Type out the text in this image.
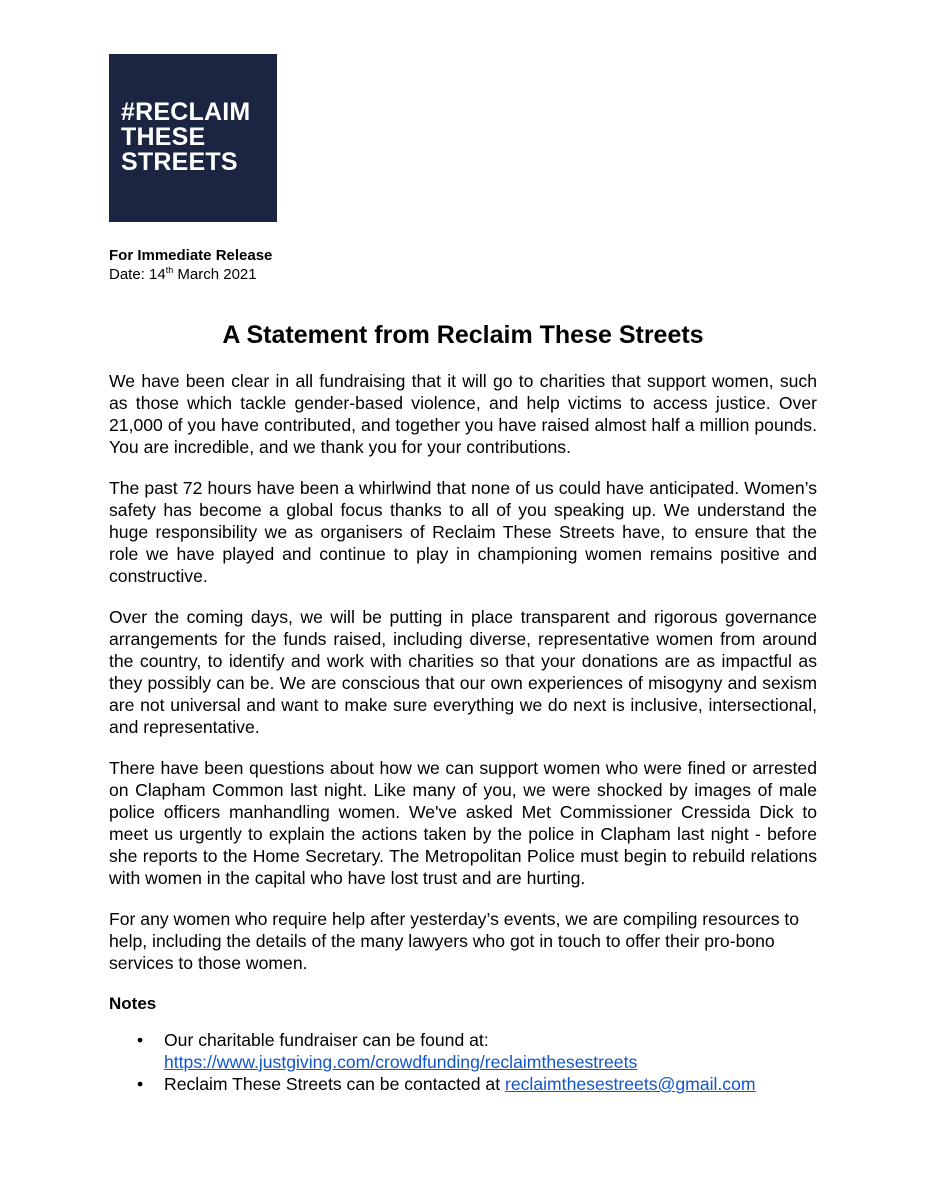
#RECLAIM
THESE
STREETS
For Immediate Release
Date: 14th March 2021
A Statement from Reclaim These Streets

We have been clear in all fundraising that it will go to charities that support women, such as those which tackle gender-based violence, and help victims to access justice. Over 21,000 of you have contributed, and together you have raised almost half a million pounds. You are incredible, and we thank you for your contributions.

The past 72 hours have been a whirlwind that none of us could have anticipated. Women’s safety has become a global focus thanks to all of you speaking up. We understand the huge responsibility we as organisers of Reclaim These Streets have, to ensure that the role we have played and continue to play in championing women remains positive and constructive.

Over the coming days, we will be putting in place transparent and rigorous governance arrangements for the funds raised, including diverse, representative women from around the country, to identify and work with charities so that your donations are as impactful as they possibly can be. We are conscious that our own experiences of misogyny and sexism are not universal and want to make sure everything we do next is inclusive, intersectional, and representative.

There have been questions about how we can support women who were fined or arrested on Clapham Common last night. Like many of you, we were shocked by images of male police officers manhandling women. We've asked Met Commissioner Cressida Dick to meet us urgently to explain the actions taken by the police in Clapham last night - before she reports to the Home Secretary. The Metropolitan Police must begin to rebuild relations with women in the capital who have lost trust and are hurting.

For any women who require help after yesterday’s events, we are compiling resources to help, including the details of the many lawyers who got in touch to offer their pro-bono services to those women.

Notes
• Our charitable fundraiser can be found at:
https://www.justgiving.com/crowdfunding/reclaimthesestreets
• Reclaim These Streets can be contacted at reclaimthesestreets@gmail.com
